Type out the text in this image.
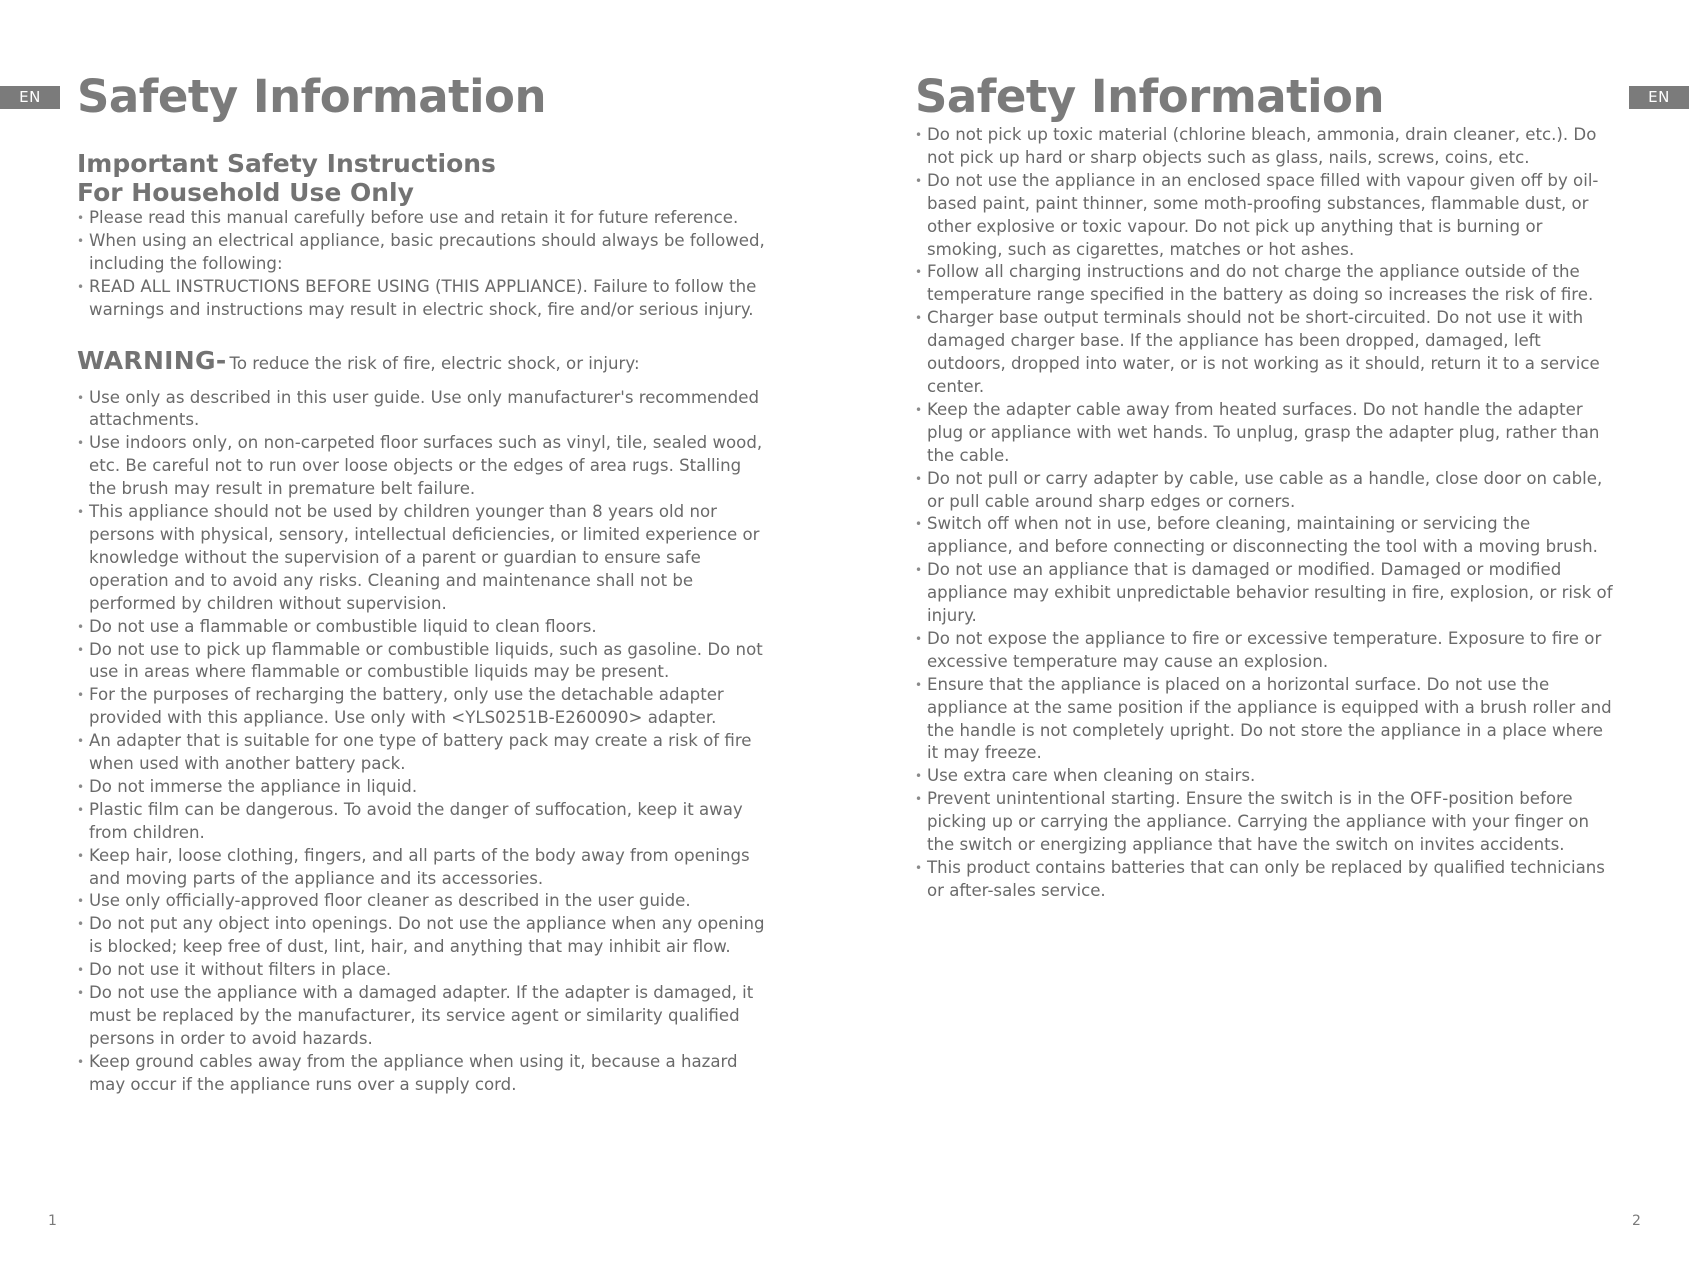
EN	EN
Safety Information
Important Safety Instructions
For Household Use Only
• Please read this manual carefully before use and retain it for future reference.
• When using an electrical appliance, basic precautions should always be followed, including the following:
• READ ALL INSTRUCTIONS BEFORE USING (THIS APPLIANCE). Failure to follow the warnings and instructions may result in electric shock, fire and/or serious injury.
WARNING- To reduce the risk of fire, electric shock, or injury:
• Use only as described in this user guide. Use only manufacturer's recommended attachments.
• Use indoors only, on non-carpeted floor surfaces such as vinyl, tile, sealed wood, etc. Be careful not to run over loose objects or the edges of area rugs. Stalling the brush may result in premature belt failure.
• This appliance should not be used by children younger than 8 years old nor persons with physical, sensory, intellectual deficiencies, or limited experience or knowledge without the supervision of a parent or guardian to ensure safe operation and to avoid any risks. Cleaning and maintenance shall not be performed by children without supervision.
• Do not use a flammable or combustible liquid to clean floors.
• Do not use to pick up flammable or combustible liquids, such as gasoline. Do not use in areas where flammable or combustible liquids may be present.
• For the purposes of recharging the battery, only use the detachable adapter provided with this appliance. Use only with <YLS0251B-E260090> adapter.
• An adapter that is suitable for one type of battery pack may create a risk of fire when used with another battery pack.
• Do not immerse the appliance in liquid.
• Plastic film can be dangerous. To avoid the danger of suffocation, keep it away from children.
• Keep hair, loose clothing, fingers, and all parts of the body away from openings and moving parts of the appliance and its accessories.
• Use only officially-approved floor cleaner as described in the user guide.
• Do not put any object into openings. Do not use the appliance when any opening is blocked; keep free of dust, lint, hair, and anything that may inhibit air flow.
• Do not use it without filters in place.
• Do not use the appliance with a damaged adapter. If the adapter is damaged, it must be replaced by the manufacturer, its service agent or similarity qualified persons in order to avoid hazards.
• Keep ground cables away from the appliance when using it, because a hazard may occur if the appliance runs over a supply cord.
Safety Information
• Do not pick up toxic material (chlorine bleach, ammonia, drain cleaner, etc.). Do not pick up hard or sharp objects such as glass, nails, screws, coins, etc.
• Do not use the appliance in an enclosed space filled with vapour given off by oil-based paint, paint thinner, some moth-proofing substances, flammable dust, or other explosive or toxic vapour. Do not pick up anything that is burning or smoking, such as cigarettes, matches or hot ashes.
• Follow all charging instructions and do not charge the appliance outside of the temperature range specified in the battery as doing so increases the risk of fire.
• Charger base output terminals should not be short-circuited. Do not use it with damaged charger base. If the appliance has been dropped, damaged, left outdoors, dropped into water, or is not working as it should, return it to a service center.
• Keep the adapter cable away from heated surfaces. Do not handle the adapter plug or appliance with wet hands. To unplug, grasp the adapter plug, rather than the cable.
• Do not pull or carry adapter by cable, use cable as a handle, close door on cable, or pull cable around sharp edges or corners.
• Switch off when not in use, before cleaning, maintaining or servicing the appliance, and before connecting or disconnecting the tool with a moving brush.
• Do not use an appliance that is damaged or modified. Damaged or modified appliance may exhibit unpredictable behavior resulting in fire, explosion, or risk of injury.
• Do not expose the appliance to fire or excessive temperature. Exposure to fire or excessive temperature may cause an explosion.
• Ensure that the appliance is placed on a horizontal surface. Do not use the appliance at the same position if the appliance is equipped with a brush roller and the handle is not completely upright. Do not store the appliance in a place where it may freeze.
• Use extra care when cleaning on stairs.
• Prevent unintentional starting. Ensure the switch is in the OFF-position before picking up or carrying the appliance. Carrying the appliance with your finger on the switch or energizing appliance that have the switch on invites accidents.
• This product contains batteries that can only be replaced by qualified technicians or after-sales service.
1	2
